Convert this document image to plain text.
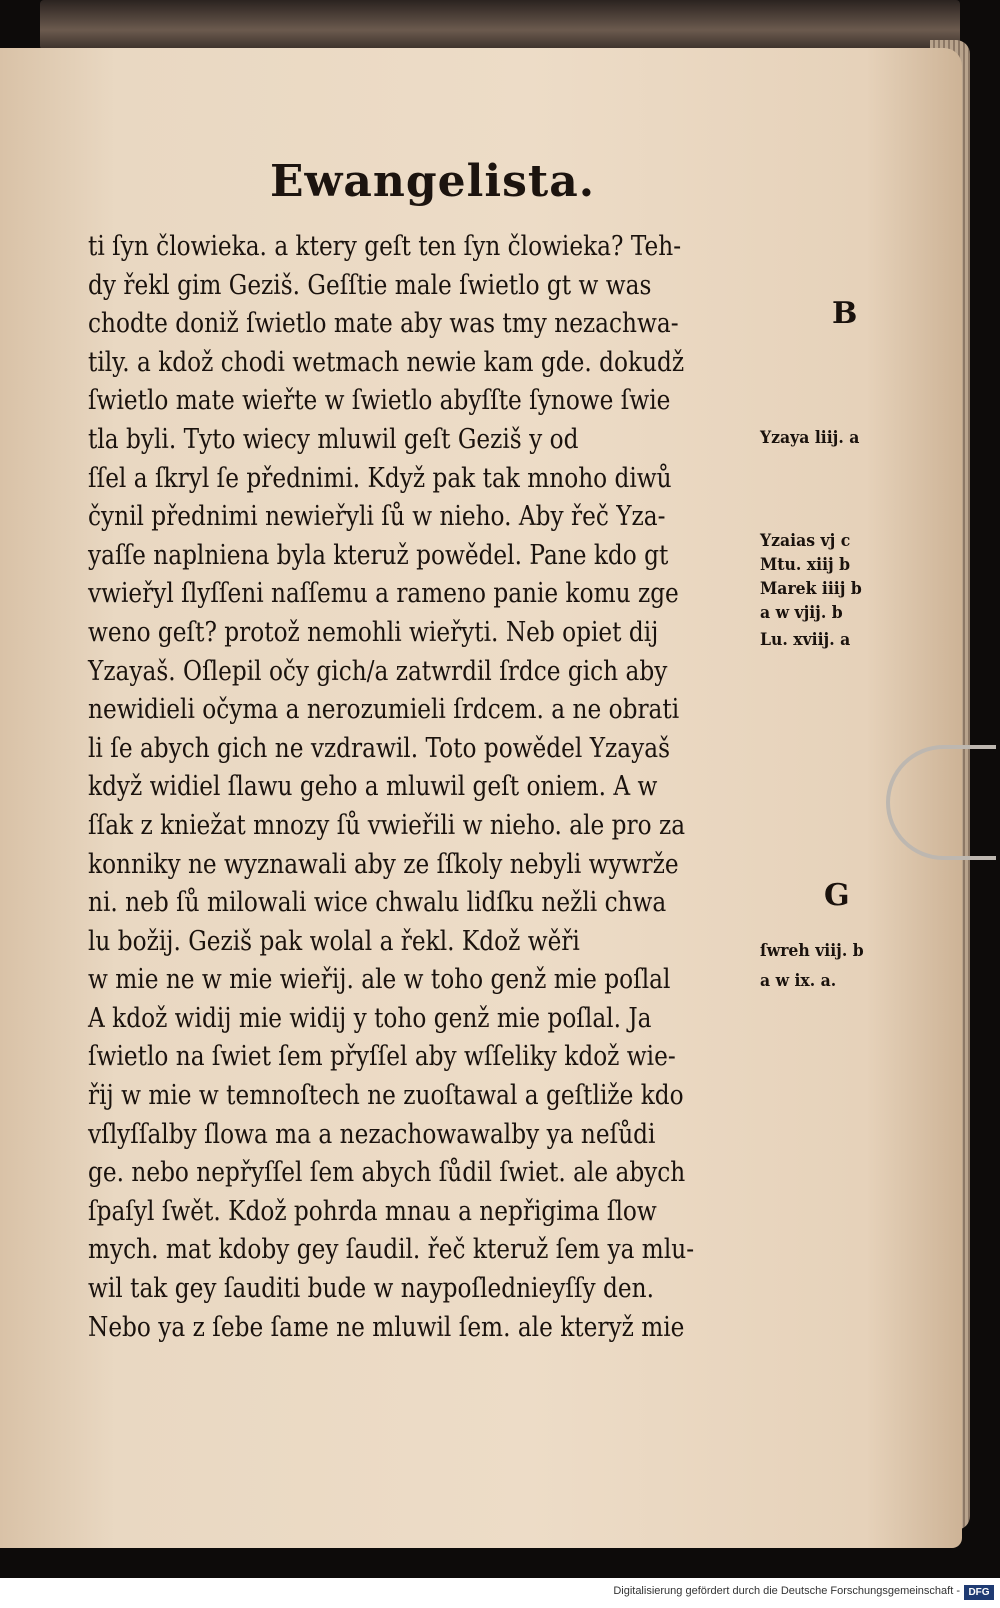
Ewangelista.
ti ſyn člowieka. a ktery geſt ten ſyn člowieka? Teh-
dy řekl gim Geziš. Geſſtie male ſwietlo gt w was
chodte doniž ſwietlo mate aby was tmy nezachwa-
tily. a kdož chodi wetmach newie kam gde. dokudž
ſwietlo mate wieřte w ſwietlo abyſſte ſynowe ſwie
tla byli. Tyto wiecy mluwil geſt Geziš y od
ſſel a ſkryl ſe přednimi. Když pak tak mnoho diwů
čynil přednimi newieřyli ſů w nieho. Aby řeč Yza-
yaſſe naplniena byla kteruž powědel. Pane kdo gt
vwieřyl ſlyſſeni naſſemu a rameno panie komu zge
weno geſt? protož nemohli wieřyti. Neb opiet dij
Yzayaš. Oſlepil očy gich/a zatwrdil ſrdce gich aby
newidieli očyma a nerozumieli ſrdcem. a ne obrati
li ſe abych gich ne vzdrawil. Toto powědel Yzayaš
když widiel ſlawu geho a mluwil geſt oniem. A w
ſſak z kniežat mnozy ſů vwieřili w nieho. ale pro za
konniky ne wyznawali aby ze ſſkoly nebyli wywrže
ni. neb ſů milowali wice chwalu lidſku nežli chwa
lu božij. Geziš pak wolal a řekl. Kdož wěři
w mie ne w mie wieřij. ale w toho genž mie poſlal
A kdož widij mie widij y toho genž mie poſlal. Ja
ſwietlo na ſwiet ſem přyſſel aby wſſeliky kdož wie-
řij w mie w temnoſtech ne zuoſtawal a geſtliže kdo
vſlyſſalby ſlowa ma a nezachowawalby ya neſůdi
ge. nebo nepřyſſel ſem abych ſůdil ſwiet. ale abych
ſpaſyl ſwět. Kdož pohrda mnau a nepřigima ſlow
mych. mat kdoby gey ſaudil. řeč kteruž ſem ya mlu-
wil tak gey ſauditi bude w naypoſlednieyſſy den.
Nebo ya z ſebe ſame ne mluwil ſem. ale kteryž mie
B
G
Yzaya liij. a
Yzaias vj c
Mtu. xiij b
Marek iiij b
a w vjij. b
Lu. xviij. a
ſwreh viij. b
a w ix. a.
Digitalisierung gefördert durch die Deutsche Forschungsgemeinschaft - DFG
